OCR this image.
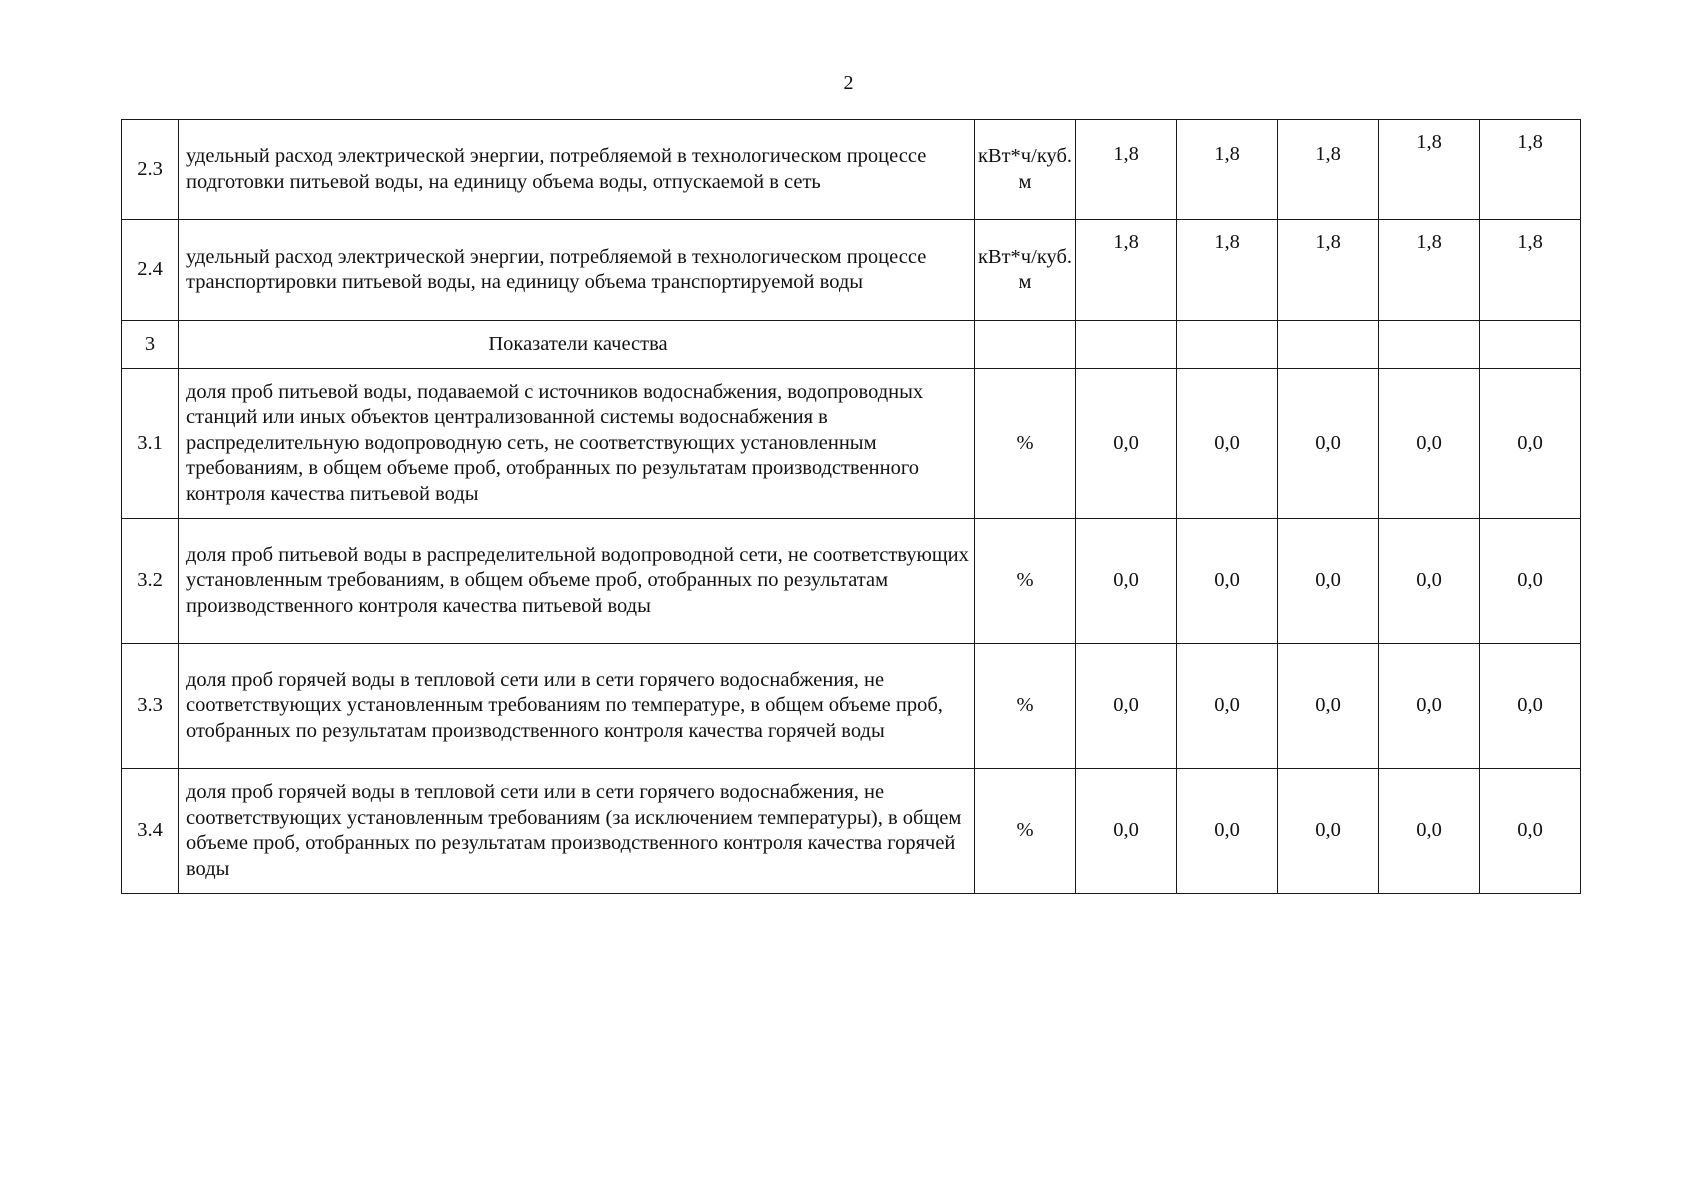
2
2.3	удельный расход электрической энергии, потребляемой в технологическом процессе подготовки питьевой воды, на единицу объема воды, отпускаемой в сеть	кВт*ч/куб. м	1,8	1,8	1,8	1,8	1,8
2.4	удельный расход электрической энергии, потребляемой в технологическом процессе транспортировки питьевой воды, на единицу объема транспортируемой воды	кВт*ч/куб. м	1,8	1,8	1,8	1,8	1,8
3	Показатели качества						
3.1	доля проб питьевой воды, подаваемой с источников водоснабжения, водопроводных станций или иных объектов централизованной системы водоснабжения в распределительную водопроводную сеть, не соответствующих установленным требованиям, в общем объеме проб, отобранных по результатам производственного контроля качества питьевой воды	%	0,0	0,0	0,0	0,0	0,0
3.2	доля проб питьевой воды в распределительной водопроводной сети, не соответствующих установленным требованиям, в общем объеме проб, отобранных по результатам производственного контроля качества питьевой воды	%	0,0	0,0	0,0	0,0	0,0
3.3	доля проб горячей воды в тепловой сети или в сети горячего водоснабжения, не соответствующих установленным требованиям по температуре, в общем объеме проб, отобранных по результатам производственного контроля качества горячей воды	%	0,0	0,0	0,0	0,0	0,0
3.4	доля проб горячей воды в тепловой сети или в сети горячего водоснабжения, не соответствующих установленным требованиям (за исключением температуры), в общем объеме проб, отобранных по результатам производственного контроля качества горячей воды	%	0,0	0,0	0,0	0,0	0,0
